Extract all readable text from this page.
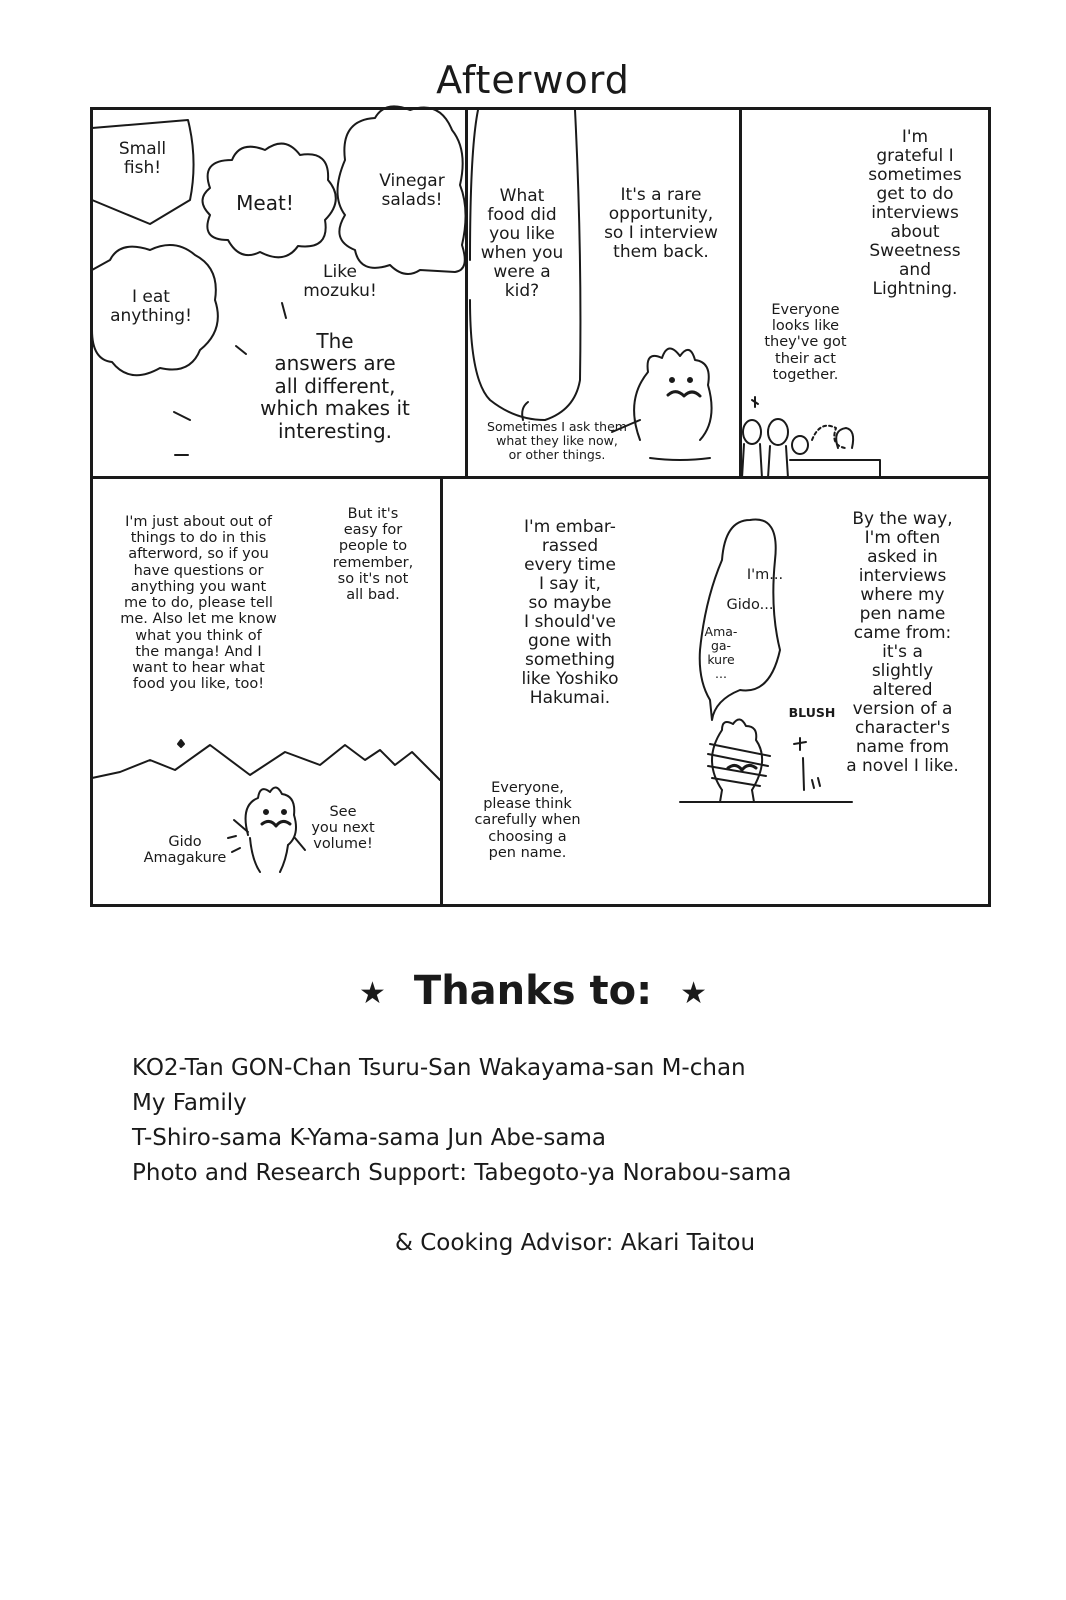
Afterword
Small
fish!
Meat!
Vinegar
salads!
Like
mozuku!
I eat
anything!
The
answers are
all different,
which makes it
interesting.
What
food did
you like
when you
were a
kid?
It's a rare
opportunity,
so I interview
them back.
Sometimes I ask them
what they like now,
or other things.
I'm
grateful I
sometimes
get to do
interviews
about
Sweetness
and
Lightning.
Everyone
looks like
they've got
their act
together.
I'm just about out of
things to do in this
afterword, so if you
have questions or
anything you want
me to do, please tell
me. Also let me know
what you think of
the manga! And I
want to hear what
food you like, too!
But it's
easy for
people to
remember,
so it's not
all bad.
Gido
Amagakure
See
you next
volume!
I'm embar-
rassed
every time
I say it,
so maybe
I should've
gone with
something
like Yoshiko
Hakumai.
I'm...
Gido...
Ama-
ga-
kure
...
BLUSH
Everyone,
please think
carefully when
choosing a
pen name.
By the way,
I'm often
asked in
interviews
where my
pen name
came from:
it's a
slightly
altered
version of a
character's
name from
a novel I like.
★ Thanks to: ★
KO2-Tan GON-Chan Tsuru-San Wakayama-san M-chan
My Family
T-Shiro-sama K-Yama-sama Jun Abe-sama
Photo and Research Support: Tabegoto-ya Norabou-sama
& Cooking Advisor: Akari Taitou
